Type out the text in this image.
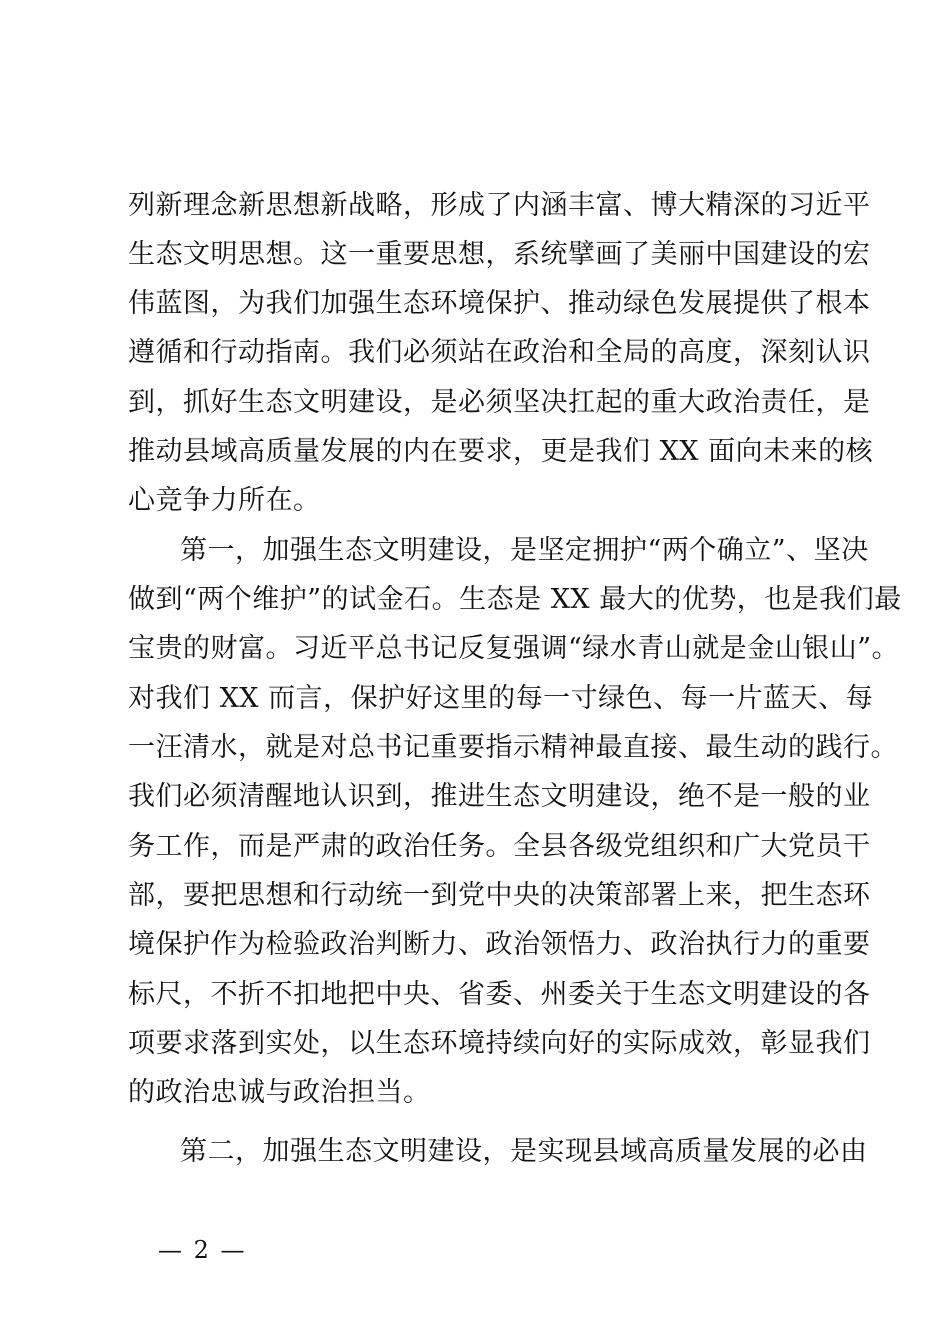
列新理念新思想新战略，形成了内涵丰富、博大精深的习近平

生态文明思想。这一重要思想，系统擘画了美丽中国建设的宏

伟蓝图，为我们加强生态环境保护、推动绿色发展提供了根本

遵循和行动指南。我们必须站在政治和全局的高度，深刻认识

到，抓好生态文明建设，是必须坚决扛起的重大政治责任，是

推动县域高质量发展的内在要求，更是我们 XX 面向未来的核

心竞争力所在。

第一，加强生态文明建设，是坚定拥护“两个确立”、坚决

做到“两个维护”的试金石。生态是 XX 最大的优势，也是我们最

宝贵的财富。习近平总书记反复强调“绿水青山就是金山银山”。

对我们 XX 而言，保护好这里的每一寸绿色、每一片蓝天、每

一汪清水，就是对总书记重要指示精神最直接、最生动的践行。

我们必须清醒地认识到，推进生态文明建设，绝不是一般的业

务工作，而是严肃的政治任务。全县各级党组织和广大党员干

部，要把思想和行动统一到党中央的决策部署上来，把生态环

境保护作为检验政治判断力、政治领悟力、政治执行力的重要

标尺，不折不扣地把中央、省委、州委关于生态文明建设的各

项要求落到实处，以生态环境持续向好的实际成效，彰显我们

的政治忠诚与政治担当。

第二，加强生态文明建设，是实现县域高质量发展的必由

— 2 —
